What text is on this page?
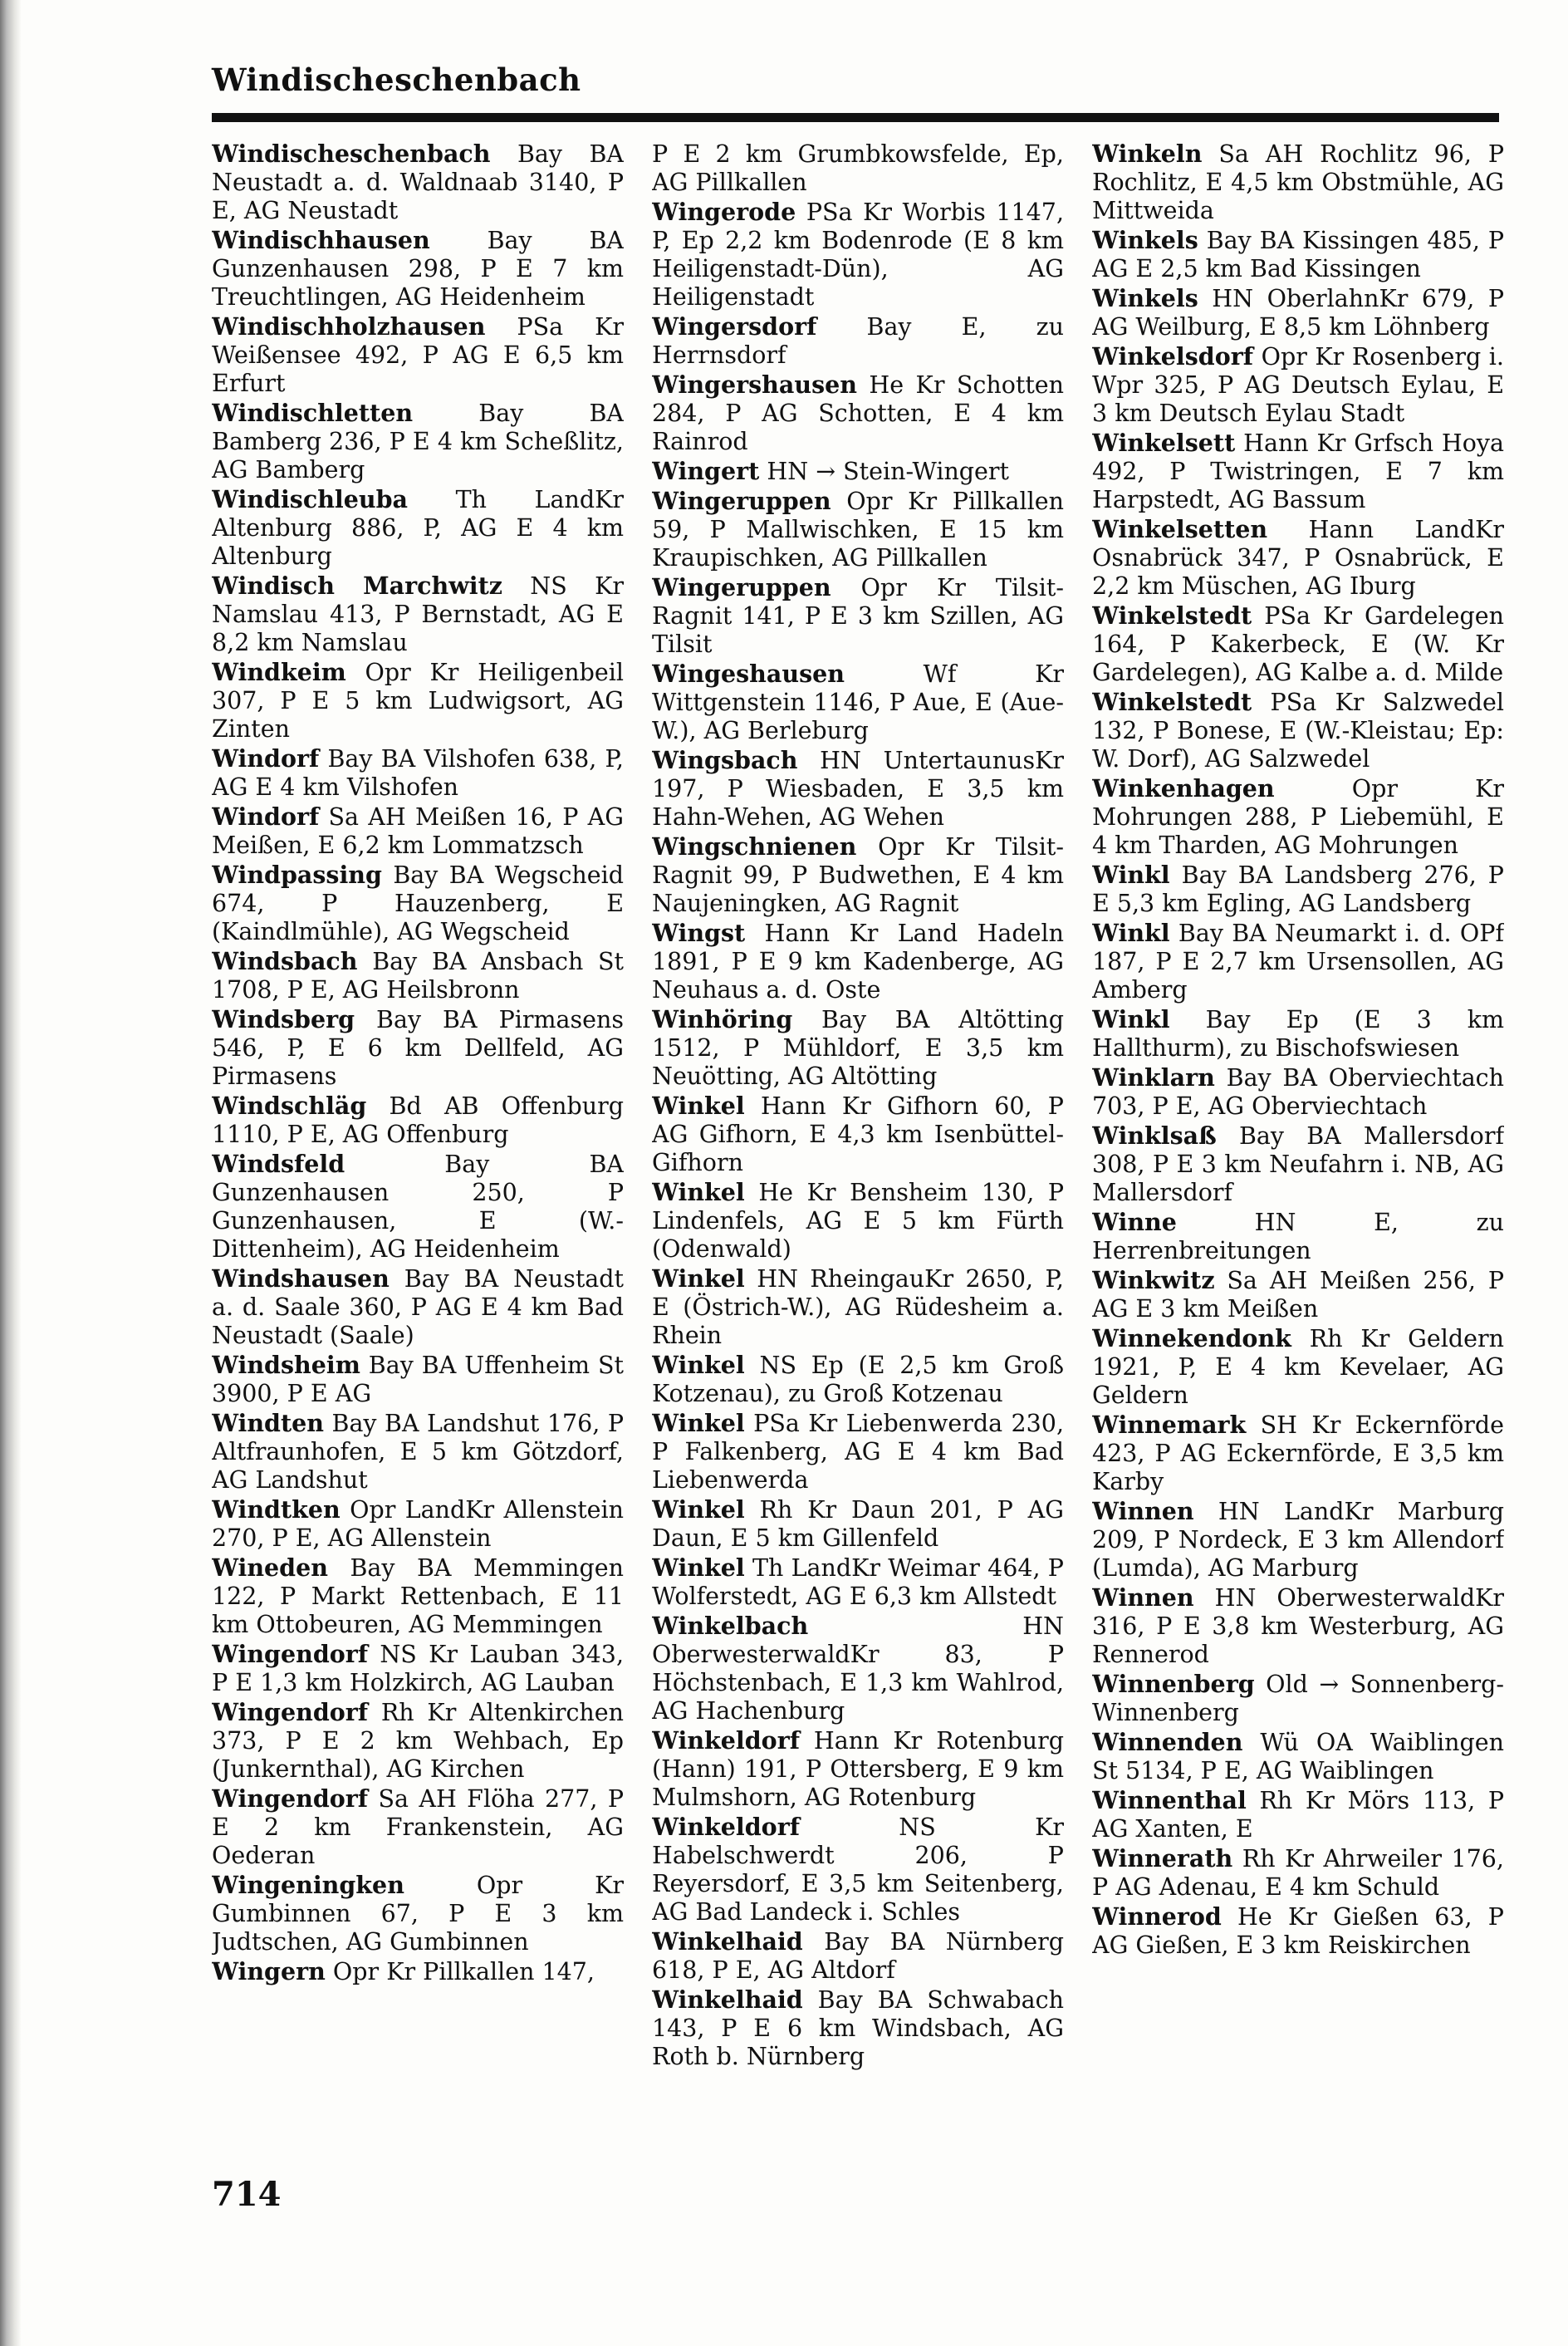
Windischeschenbach

Windischeschenbach Bay BA Neustadt a. d. Waldnaab 3140, P E, AG Neustadt

Windischhausen Bay BA Gunzenhausen 298, P E 7 km Treuchtlingen, AG Heidenheim

Windischholzhausen PSa Kr Weißensee 492, P AG E 6,5 km Erfurt

Windischletten Bay BA Bamberg 236, P E 4 km Scheßlitz, AG Bamberg

Windischleuba Th LandKr Altenburg 886, P, AG E 4 km Altenburg

Windisch Marchwitz NS Kr Namslau 413, P Bernstadt, AG E 8,2 km Namslau

Windkeim Opr Kr Heiligenbeil 307, P E 5 km Ludwigsort, AG Zinten

Windorf Bay BA Vilshofen 638, P, AG E 4 km Vilshofen

Windorf Sa AH Meißen 16, P AG Meißen, E 6,2 km Lommatzsch

Windpassing Bay BA Wegscheid 674, P Hauzenberg, E (Kaindlmühle), AG Wegscheid

Windsbach Bay BA Ansbach St 1708, P E, AG Heilsbronn

Windsberg Bay BA Pirmasens 546, P, E 6 km Dellfeld, AG Pirmasens

Windschläg Bd AB Offenburg 1110, P E, AG Offenburg

Windsfeld Bay BA Gunzenhausen 250, P Gunzenhausen, E (W.-Dittenheim), AG Heidenheim

Windshausen Bay BA Neustadt a. d. Saale 360, P AG E 4 km Bad Neustadt (Saale)

Windsheim Bay BA Uffenheim St 3900, P E AG

Windten Bay BA Landshut 176, P Altfraunhofen, E 5 km Götzdorf, AG Landshut

Windtken Opr LandKr Allenstein 270, P E, AG Allenstein

Wineden Bay BA Memmingen 122, P Markt Rettenbach, E 11 km Ottobeuren, AG Memmingen

Wingendorf NS Kr Lauban 343, P E 1,3 km Holzkirch, AG Lauban

Wingendorf Rh Kr Altenkirchen 373, P E 2 km Wehbach, Ep (Junkernthal), AG Kirchen

Wingendorf Sa AH Flöha 277, P E 2 km Frankenstein, AG Oederan

Wingeningken Opr Kr Gumbinnen 67, P E 3 km Judtschen, AG Gumbinnen

Wingern Opr Kr Pillkallen 147,

P E 2 km Grumbkowsfelde, Ep, AG Pillkallen

Wingerode PSa Kr Worbis 1147, P, Ep 2,2 km Bodenrode (E 8 km Heiligenstadt-Dün), AG Heiligenstadt

Wingersdorf Bay E, zu Herrnsdorf

Wingershausen He Kr Schotten 284, P AG Schotten, E 4 km Rainrod

Wingert HN → Stein-Wingert

Wingeruppen Opr Kr Pillkallen 59, P Mallwischken, E 15 km Kraupischken, AG Pillkallen

Wingeruppen Opr Kr Tilsit-Ragnit 141, P E 3 km Szillen, AG Tilsit

Wingeshausen Wf Kr Wittgenstein 1146, P Aue, E (Aue-W.), AG Berleburg

Wingsbach HN UntertaunusKr 197, P Wiesbaden, E 3,5 km Hahn-Wehen, AG Wehen

Wingschnienen Opr Kr Tilsit-Ragnit 99, P Budwethen, E 4 km Naujeningken, AG Ragnit

Wingst Hann Kr Land Hadeln 1891, P E 9 km Kadenberge, AG Neuhaus a. d. Oste

Winhöring Bay BA Altötting 1512, P Mühldorf, E 3,5 km Neuötting, AG Altötting

Winkel Hann Kr Gifhorn 60, P AG Gifhorn, E 4,3 km Isenbüttel-Gifhorn

Winkel He Kr Bensheim 130, P Lindenfels, AG E 5 km Fürth (Odenwald)

Winkel HN RheingauKr 2650, P, E (Östrich-W.), AG Rüdesheim a. Rhein

Winkel NS Ep (E 2,5 km Groß Kotzenau), zu Groß Kotzenau

Winkel PSa Kr Liebenwerda 230, P Falkenberg, AG E 4 km Bad Liebenwerda

Winkel Rh Kr Daun 201, P AG Daun, E 5 km Gillenfeld

Winkel Th LandKr Weimar 464, P Wolferstedt, AG E 6,3 km Allstedt

Winkelbach HN OberwesterwaldKr 83, P Höchstenbach, E 1,3 km Wahlrod, AG Hachenburg

Winkeldorf Hann Kr Rotenburg (Hann) 191, P Ottersberg, E 9 km Mulmshorn, AG Rotenburg

Winkeldorf NS Kr Habelschwerdt 206, P Reyersdorf, E 3,5 km Seitenberg, AG Bad Landeck i. Schles

Winkelhaid Bay BA Nürnberg 618, P E, AG Altdorf

Winkelhaid Bay BA Schwabach 143, P E 6 km Windsbach, AG Roth b. Nürnberg

Winkeln Sa AH Rochlitz 96, P Rochlitz, E 4,5 km Obstmühle, AG Mittweida

Winkels Bay BA Kissingen 485, P AG E 2,5 km Bad Kissingen

Winkels HN OberlahnKr 679, P AG Weilburg, E 8,5 km Löhnberg

Winkelsdorf Opr Kr Rosenberg i. Wpr 325, P AG Deutsch Eylau, E 3 km Deutsch Eylau Stadt

Winkelsett Hann Kr Grfsch Hoya 492, P Twistringen, E 7 km Harpstedt, AG Bassum

Winkelsetten Hann LandKr Osnabrück 347, P Osnabrück, E 2,2 km Müschen, AG Iburg

Winkelstedt PSa Kr Gardelegen 164, P Kakerbeck, E (W. Kr Gardelegen), AG Kalbe a. d. Milde

Winkelstedt PSa Kr Salzwedel 132, P Bonese, E (W.-Kleistau; Ep: W. Dorf), AG Salzwedel

Winkenhagen Opr Kr Mohrungen 288, P Liebemühl, E 4 km Tharden, AG Mohrungen

Winkl Bay BA Landsberg 276, P E 5,3 km Egling, AG Landsberg

Winkl Bay BA Neumarkt i. d. OPf 187, P E 2,7 km Ursensollen, AG Amberg

Winkl Bay Ep (E 3 km Hallthurm), zu Bischofswiesen

Winklarn Bay BA Oberviechtach 703, P E, AG Oberviechtach

Winklsaß Bay BA Mallersdorf 308, P E 3 km Neufahrn i. NB, AG Mallersdorf

Winne HN E, zu Herrenbreitungen

Winkwitz Sa AH Meißen 256, P AG E 3 km Meißen

Winnekendonk Rh Kr Geldern 1921, P, E 4 km Kevelaer, AG Geldern

Winnemark SH Kr Eckernförde 423, P AG Eckernförde, E 3,5 km Karby

Winnen HN LandKr Marburg 209, P Nordeck, E 3 km Allendorf (Lumda), AG Marburg

Winnen HN OberwesterwaldKr 316, P E 3,8 km Westerburg, AG Rennerod

Winnenberg Old → Sonnenberg-Winnenberg

Winnenden Wü OA Waiblingen St 5134, P E, AG Waiblingen

Winnenthal Rh Kr Mörs 113, P AG Xanten, E

Winnerath Rh Kr Ahrweiler 176, P AG Adenau, E 4 km Schuld

Winnerod He Kr Gießen 63, P AG Gießen, E 3 km Reiskirchen

714
